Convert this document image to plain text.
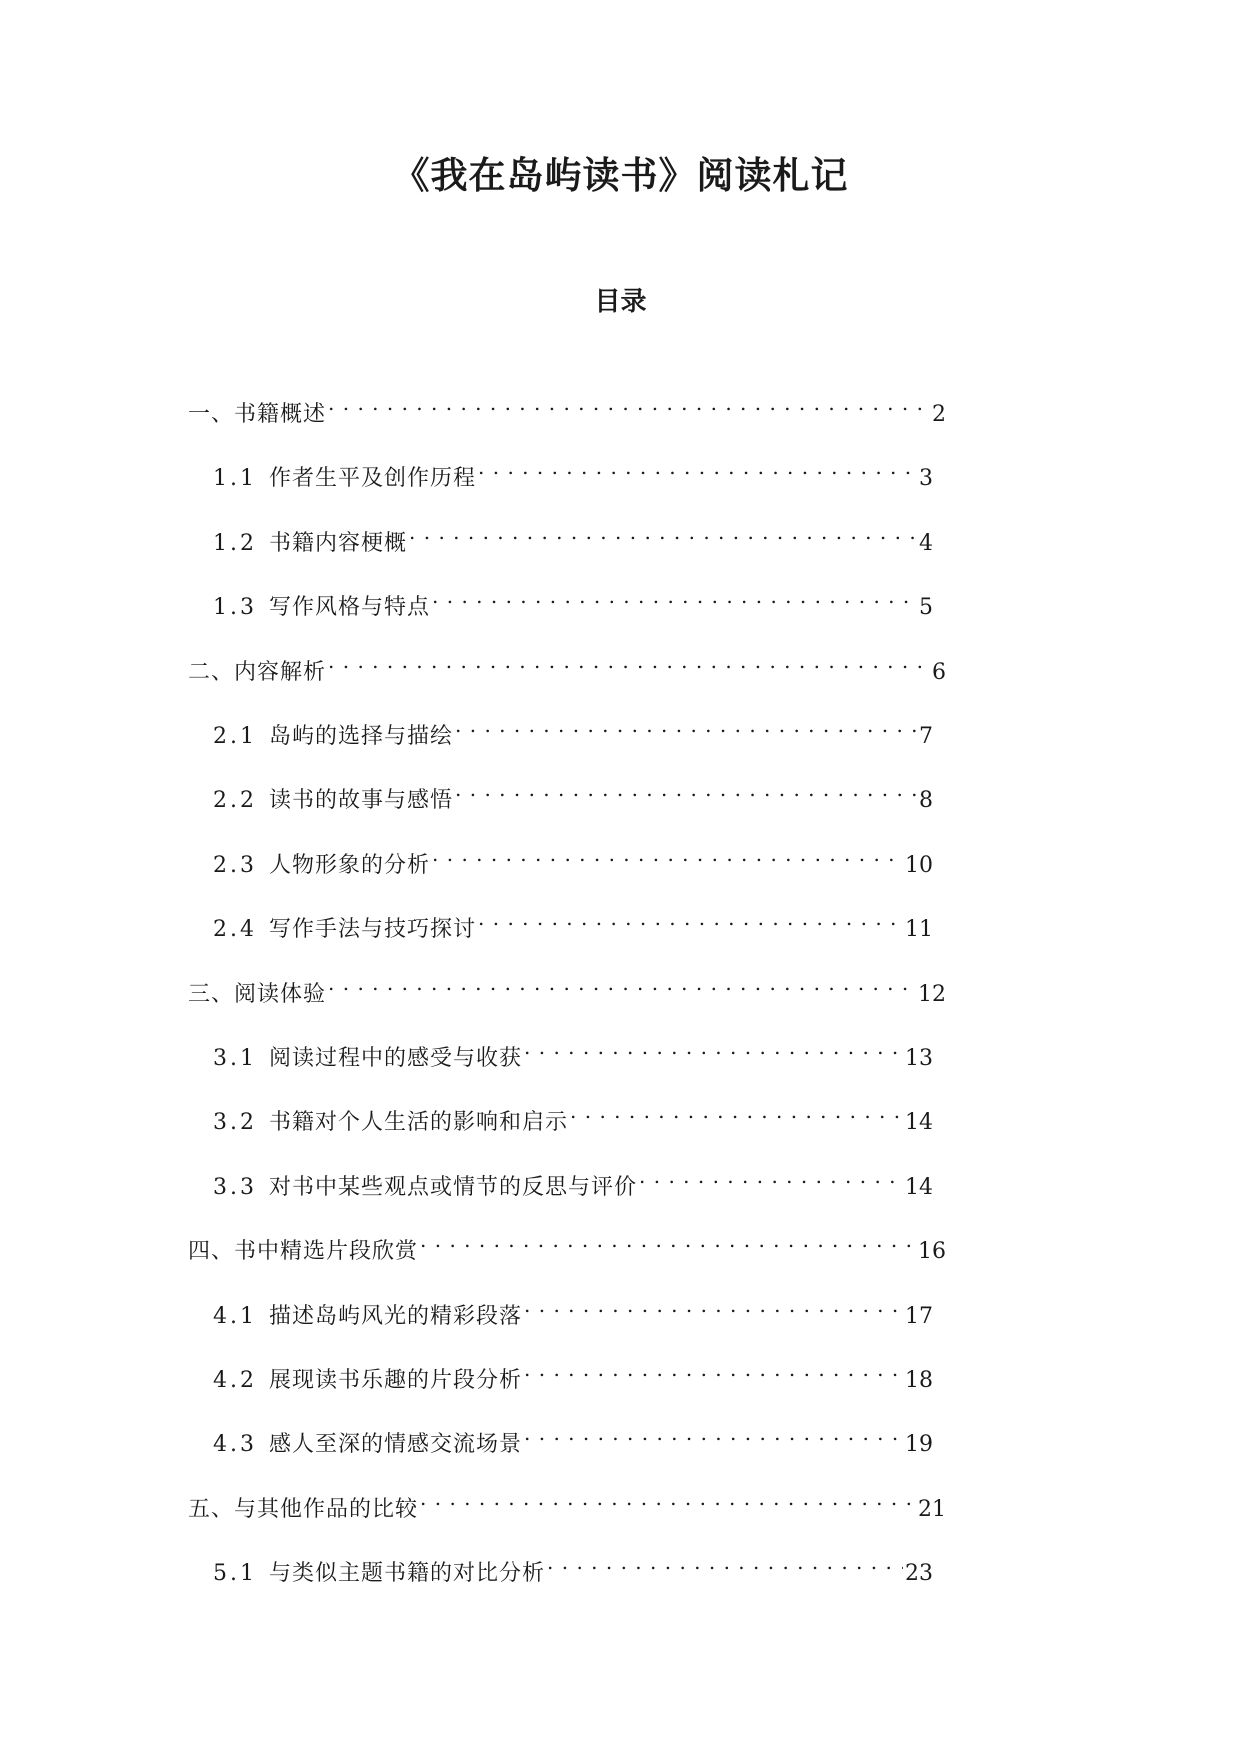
《我在岛屿读书》阅读札记
目录
一、书籍概述 . . .	2
1.1 作者生平及创作历程 . . .	3
1.2 书籍内容梗概 . . .	4
1.3 写作风格与特点 . . .	5
二、内容解析 . . .	6
2.1 岛屿的选择与描绘 . . .	7
2.2 读书的故事与感悟 . . .	8
2.3 人物形象的分析 . . .	10
2.4 写作手法与技巧探讨 . . .	11
三、阅读体验 . . .	12
3.1 阅读过程中的感受与收获 . . .	13
3.2 书籍对个人生活的影响和启示 . . .	14
3.3 对书中某些观点或情节的反思与评价 . . .	14
四、书中精选片段欣赏 . . .	16
4.1 描述岛屿风光的精彩段落 . . .	17
4.2 展现读书乐趣的片段分析 . . .	18
4.3 感人至深的情感交流场景 . . .	19
五、与其他作品的比较 . . .	21
5.1 与类似主题书籍的对比分析 . . .	23
